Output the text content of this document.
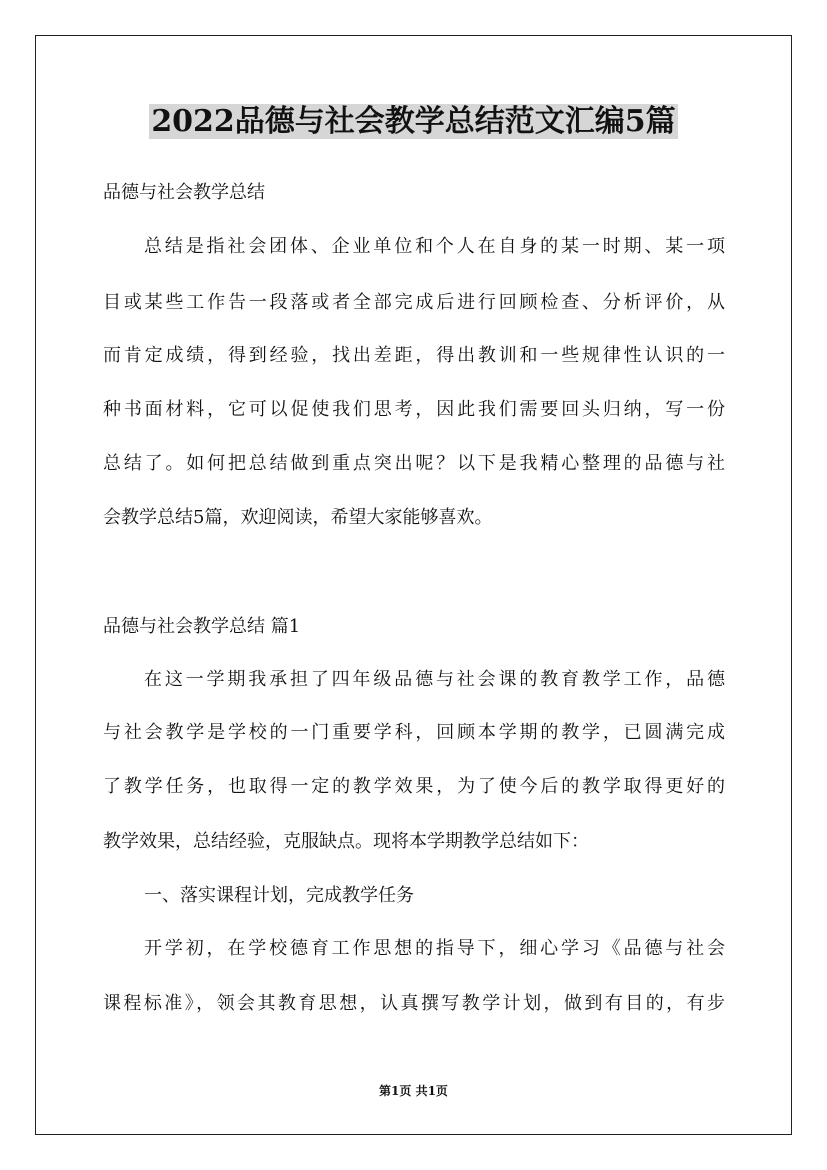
2022品德与社会教学总结范文汇编5篇

品德与社会教学总结

总结是指社会团体、企业单位和个人在自身的某一时期、某一项

目或某些工作告一段落或者全部完成后进行回顾检查、分析评价，从

而肯定成绩，得到经验，找出差距，得出教训和一些规律性认识的一

种书面材料，它可以促使我们思考，因此我们需要回头归纳，写一份

总结了。如何把总结做到重点突出呢？以下是我精心整理的品德与社

会教学总结5篇，欢迎阅读，希望大家能够喜欢。

品德与社会教学总结 篇1

在这一学期我承担了四年级品德与社会课的教育教学工作，品德

与社会教学是学校的一门重要学科，回顾本学期的教学，已圆满完成

了教学任务，也取得一定的教学效果，为了使今后的教学取得更好的

教学效果，总结经验，克服缺点。现将本学期教学总结如下：

一、落实课程计划，完成教学任务

开学初，在学校德育工作思想的指导下，细心学习《品德与社会

课程标准》，领会其教育思想，认真撰写教学计划，做到有目的，有步

第1页 共1页
